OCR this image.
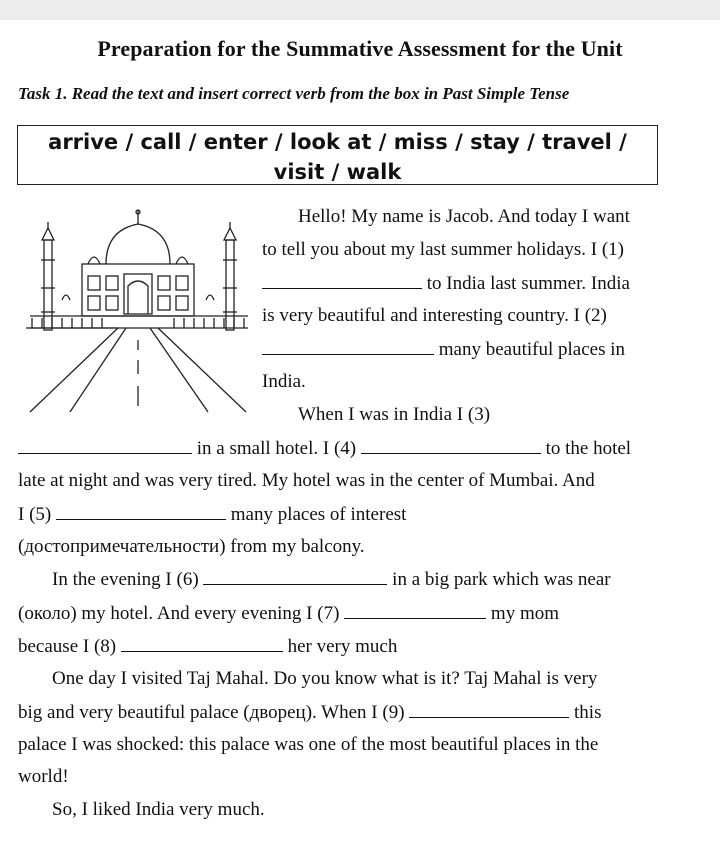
Preparation for the Summative Assessment for the Unit
Task 1. Read the text and insert correct verb from the box in Past Simple Tense
arrive / call / enter / look at / miss / stay / travel /
visit / walk
Hello! My name is Jacob. And today I want
to tell you about my last summer holidays. I (1)
to India last summer. India
is very beautiful and interesting country. I (2)
many beautiful places in
India.
When I was in India I (3)
in a small hotel. I (4)	to the hotel
late at night and was very tired. My hotel was in the center of Mumbai. And
I (5)	many places of interest
(достопримечательности) from my balcony.
In the evening I (6)	in a big park which was near
(около) my hotel. And every evening I (7)	my mom
because I (8)	her very much
One day I visited Taj Mahal. Do you know what is it? Taj Mahal is very
big and very beautiful palace (дворец). When I (9)	this
palace I was shocked: this palace was one of the most beautiful places in the
world!
So, I liked India very much.
